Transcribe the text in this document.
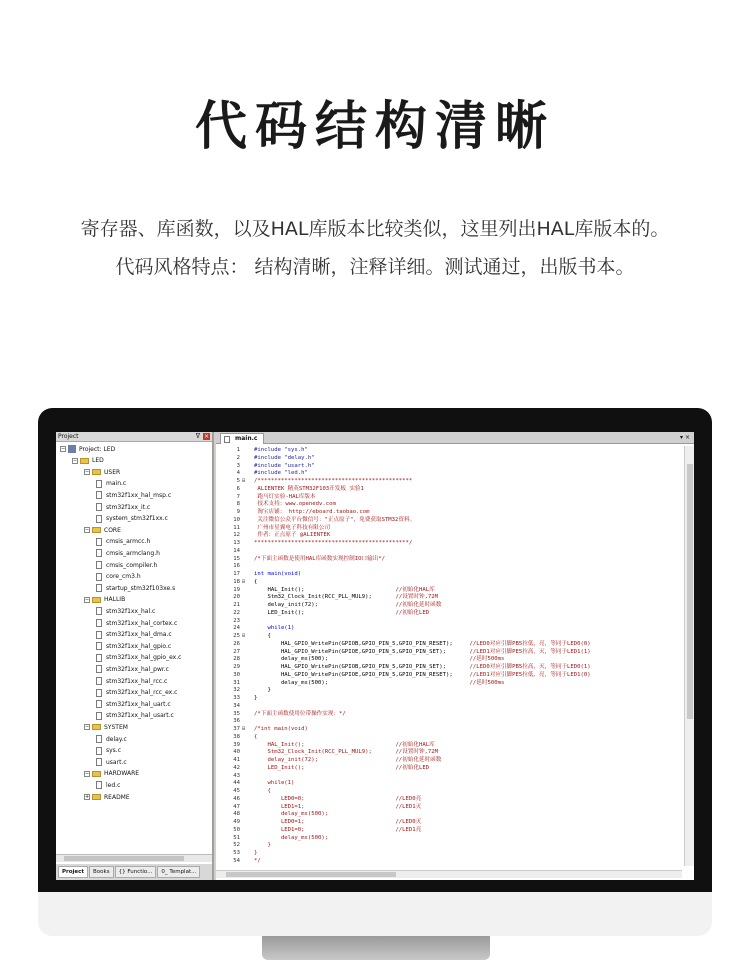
代码结构清晰
寄存器、库函数，以及HAL库版本比较类似，这里列出HAL库版本的。
代码风格特点： 结构清晰，注释详细。测试通过，出版书本。
Project	ᐁ ×
− Project: LED
− LED
− USER
main.c
stm32f1xx_hal_msp.c
stm32f1xx_it.c
system_stm32f1xx.c
− CORE
cmsis_armcc.h
cmsis_armclang.h
cmsis_compiler.h
core_cm3.h
startup_stm32f103xe.s
− HALLIB
stm32f1xx_hal.c
stm32f1xx_hal_cortex.c
stm32f1xx_hal_dma.c
stm32f1xx_hal_gpio.c
stm32f1xx_hal_gpio_ex.c
stm32f1xx_hal_pwr.c
stm32f1xx_hal_rcc.c
stm32f1xx_hal_rcc_ex.c
stm32f1xx_hal_uart.c
stm32f1xx_hal_usart.c
− SYSTEM
delay.c
sys.c
usart.c
− HARDWARE
led.c
+ README
Project	Books	{} Functio...	0_ Templat...
main.c	▾ ×
1	#include "sys.h"
2	#include "delay.h"
3	#include "usart.h"
4	#include "led.h"
5 ⊟ /**********************************************
6	ALIENTEK 精英STM32F103开发板 实验1
7	跑马灯实验-HAL库版本
8	技术支持：www.openedv.com
9	淘宝店铺： http://eboard.taobao.com
10	关注微信公众平台微信号："正点原子"，免费获取STM32资料。
11	广州市星翼电子科技有限公司
12	作者：正点原子 @ALIENTEK
13	**********************************************/
14
15	/*下面主函数是使用HAL库函数实现控制IO口输出*/
16
17	int main(void)
18 ⊟ {
19	HAL_Init();                           //初始化HAL库
20	Stm32_Clock_Init(RCC_PLL_MUL9);       //设置时钟,72M
21	delay_init(72);                       //初始化延时函数
22	LED_Init();                           //初始化LED
23
24	while(1)
25 ⊟ {
26	HAL_GPIO_WritePin(GPIOB,GPIO_PIN_5,GPIO_PIN_RESET);     //LED0对应引脚PB5拉低，亮，等同于LED0(0)
27	HAL_GPIO_WritePin(GPIOE,GPIO_PIN_5,GPIO_PIN_SET);       //LED1对应引脚PE5拉高，灭，等同于LED1(1)
28	delay_ms(500);                                          //延时500ms
29	HAL_GPIO_WritePin(GPIOB,GPIO_PIN_5,GPIO_PIN_SET);       //LED0对应引脚PB5拉高，灭，等同于LED0(1)
30	HAL_GPIO_WritePin(GPIOE,GPIO_PIN_5,GPIO_PIN_RESET);     //LED1对应引脚PE5拉低，亮，等同于LED1(0)
31	delay_ms(500);                                          //延时500ms
32	}
33	}
34
35	/*下面主函数使用位带操作实现：*/
36
37 ⊟ /*int main(void)
38	{
39	HAL_Init();                           //初始化HAL库
40	Stm32_Clock_Init(RCC_PLL_MUL9);       //设置时钟,72M
41	delay_init(72);                       //初始化延时函数
42	LED_Init();                           //初始化LED
43
44	while(1)
45	{
46	LED0=0;                           //LED0亮
47	LED1=1;                           //LED1灭
48	delay_ms(500);
49	LED0=1;                           //LED0灭
50	LED1=0;                           //LED1亮
51	delay_ms(500);
52	}
53	}
54	*/
